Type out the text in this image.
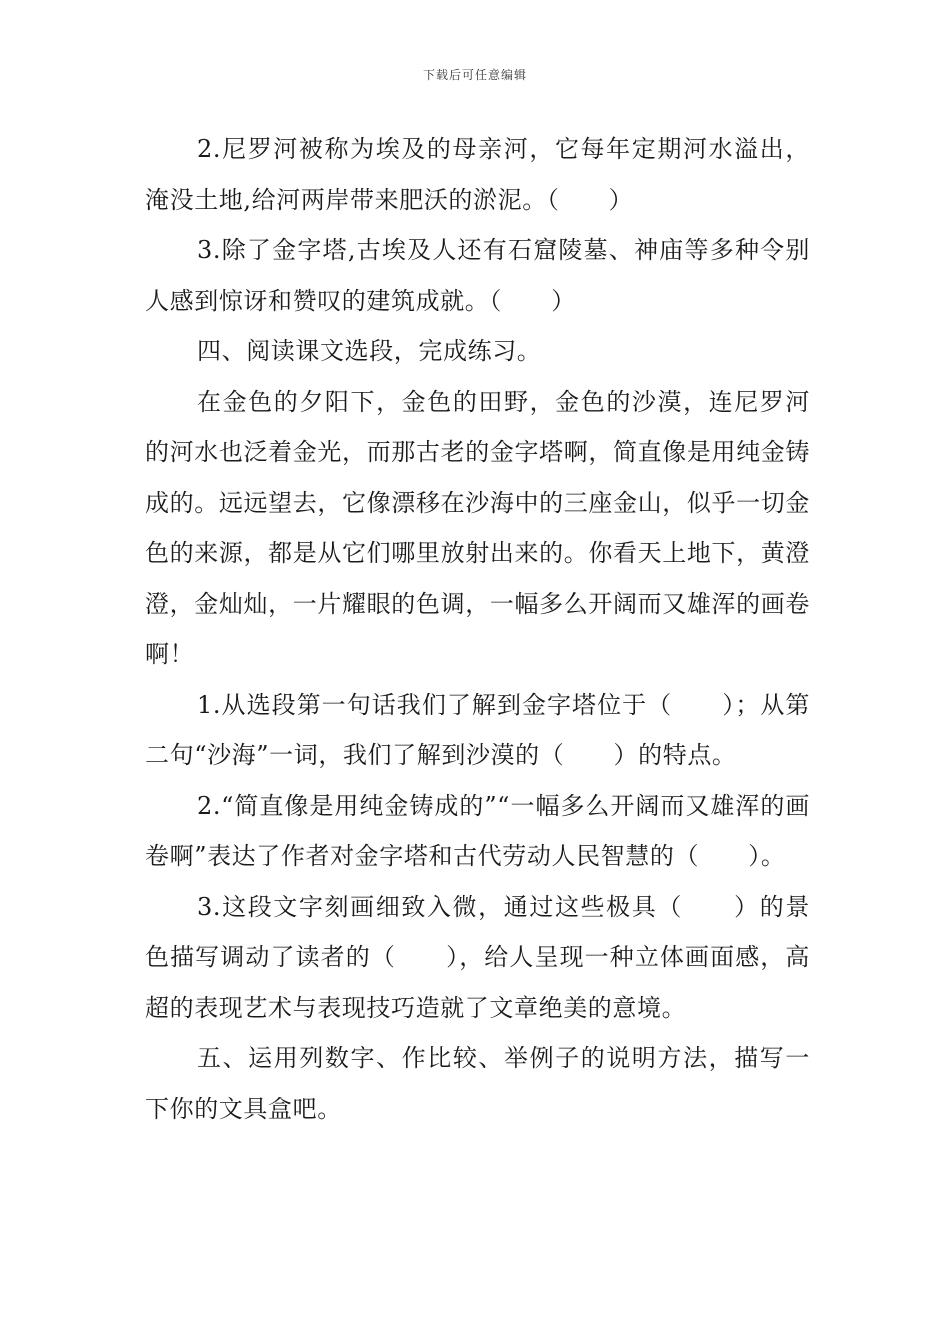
下载后可任意编辑

2.尼罗河被称为埃及的母亲河，它每年定期河水溢出，淹没土地,给河两岸带来肥沃的淤泥。（　　）

3.除了金字塔,古埃及人还有石窟陵墓、神庙等多种令别人感到惊讶和赞叹的建筑成就。（　　）

四、阅读课文选段，完成练习。

在金色的夕阳下，金色的田野，金色的沙漠，连尼罗河的河水也泛着金光，而那古老的金字塔啊，简直像是用纯金铸成的。远远望去，它像漂移在沙海中的三座金山，似乎一切金色的来源，都是从它们哪里放射出来的。你看天上地下，黄澄澄，金灿灿，一片耀眼的色调，一幅多么开阔而又雄浑的画卷啊！

1.从选段第一句话我们了解到金字塔位于（　　）；从第二句“沙海”一词，我们了解到沙漠的（　　）的特点。

2.“简直像是用纯金铸成的”“一幅多么开阔而又雄浑的画卷啊”表达了作者对金字塔和古代劳动人民智慧的（　　）。

3.这段文字刻画细致入微，通过这些极具（　　）的景色描写调动了读者的（　　），给人呈现一种立体画面感，高超的表现艺术与表现技巧造就了文章绝美的意境。

五、运用列数字、作比较、举例子的说明方法，描写一下你的文具盒吧。
